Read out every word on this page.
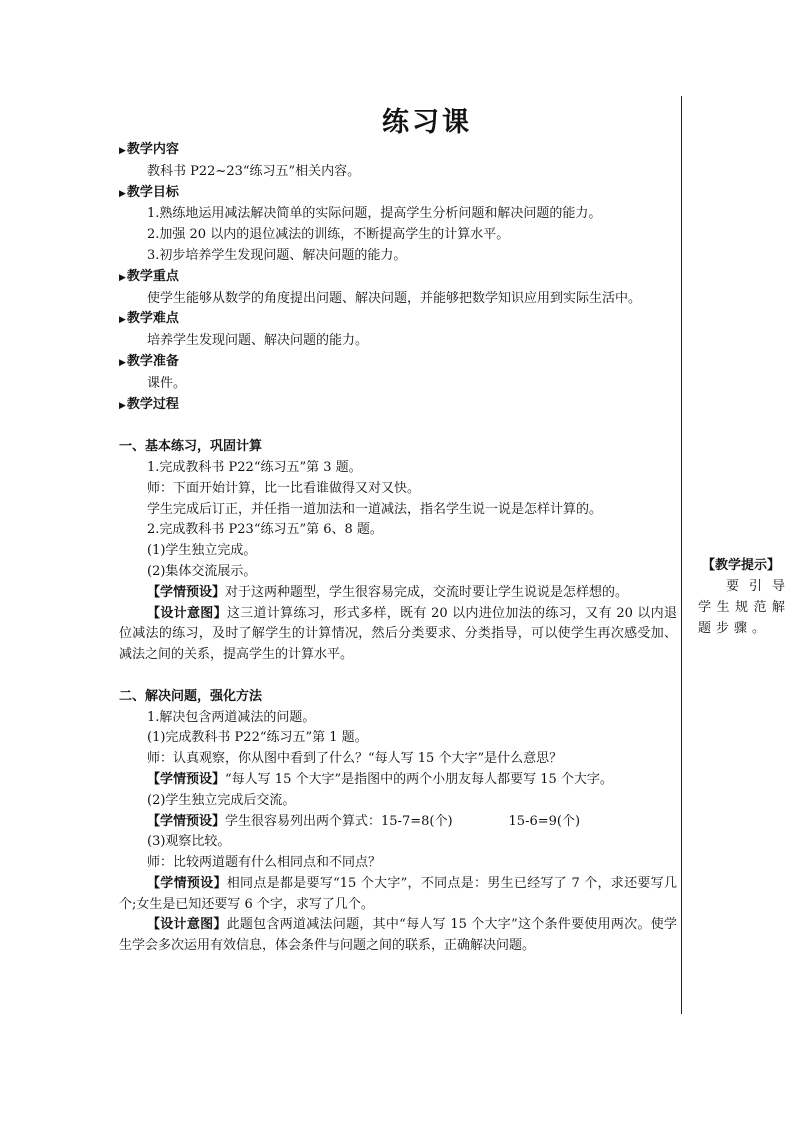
练习课
▶教学内容
教科书 P22~23“练习五”相关内容。
▶教学目标
1.熟练地运用减法解决简单的实际问题，提高学生分析问题和解决问题的能力。
2.加强 20 以内的退位减法的训练，不断提高学生的计算水平。
3.初步培养学生发现问题、解决问题的能力。
▶教学重点
使学生能够从数学的角度提出问题、解决问题，并能够把数学知识应用到实际生活中。
▶教学难点
培养学生发现问题、解决问题的能力。
▶教学准备
课件。
▶教学过程
一、基本练习，巩固计算
1.完成教科书 P22“练习五”第 3 题。
师：下面开始计算，比一比看谁做得又对又快。
学生完成后订正，并任指一道加法和一道减法，指名学生说一说是怎样计算的。
2.完成教科书 P23“练习五”第 6、8 题。
(1)学生独立完成。
(2)集体交流展示。
【学情预设】对于这两种题型，学生很容易完成，交流时要让学生说说是怎样想的。
【设计意图】这三道计算练习，形式多样，既有 20 以内进位加法的练习，又有 20 以内退位减法的练习，及时了解学生的计算情况，然后分类要求、分类指导，可以使学生再次感受加、减法之间的关系，提高学生的计算水平。
二、解决问题，强化方法
1.解决包含两道减法的问题。
(1)完成教科书 P22“练习五”第 1 题。
师：认真观察，你从图中看到了什么？“每人写 15 个大字”是什么意思？
【学情预设】“每人写 15 个大字”是指图中的两个小朋友每人都要写 15 个大字。
(2)学生独立完成后交流。
【学情预设】学生很容易列出两个算式：15-7=8(个)	15-6=9(个)
(3)观察比较。
师：比较两道题有什么相同点和不同点？
【学情预设】相同点是都是要写“15 个大字”，不同点是：男生已经写了 7 个，求还要写几个;女生是已知还要写 6 个字，求写了几个。
【设计意图】此题包含两道减法问题，其中“每人写 15 个大字”这个条件要使用两次。使学生学会多次运用有效信息，体会条件与问题之间的联系，正确解决问题。
【教学提示】
要引导学生规范解题步骤。
